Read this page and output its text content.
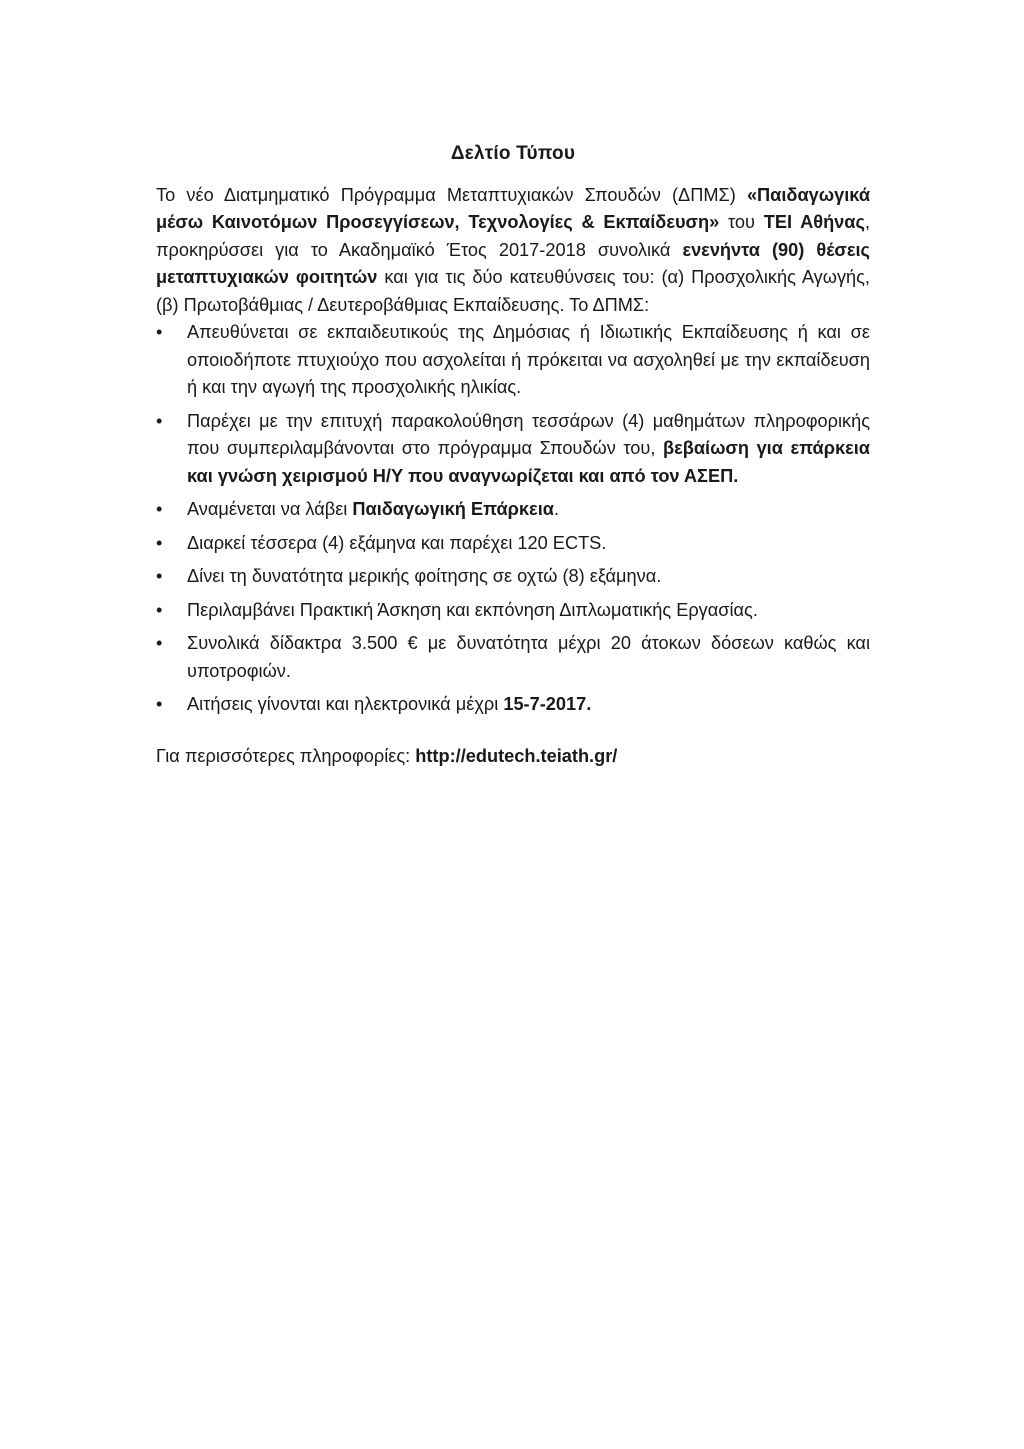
Δελτίο Τύπου

Το νέο Διατμηματικό Πρόγραμμα Μεταπτυχιακών Σπουδών (ΔΠΜΣ) «Παιδαγωγικά μέσω Καινοτόμων Προσεγγίσεων, Τεχνολογίες & Εκπαίδευση» του ΤΕΙ Αθήνας, προκηρύσσει για το Ακαδημαϊκό Έτος 2017-2018 συνολικά ενενήντα (90) θέσεις μεταπτυχιακών φοιτητών και για τις δύο κατευθύνσεις του: (α) Προσχολικής Αγωγής, (β) Πρωτοβάθμιας / Δευτεροβάθμιας Εκπαίδευσης. Το ΔΠΜΣ:

•	Απευθύνεται σε εκπαιδευτικούς της Δημόσιας ή Ιδιωτικής Εκπαίδευσης ή και σε οποιοδήποτε πτυχιούχο που ασχολείται ή πρόκειται να ασχοληθεί με την εκπαίδευση ή και την αγωγή της προσχολικής ηλικίας.
•	Παρέχει με την επιτυχή παρακολούθηση τεσσάρων (4) μαθημάτων πληροφορικής που συμπεριλαμβάνονται στο πρόγραμμα Σπουδών του, βεβαίωση για επάρκεια και γνώση χειρισμού Η/Υ που αναγνωρίζεται και από τον ΑΣΕΠ.
•	Αναμένεται να λάβει Παιδαγωγική Επάρκεια.
•	Διαρκεί τέσσερα (4) εξάμηνα και παρέχει 120 ECTS.
•	Δίνει τη δυνατότητα μερικής φοίτησης σε οχτώ (8) εξάμηνα.
•	Περιλαμβάνει Πρακτική Άσκηση και εκπόνηση Διπλωματικής Εργασίας.
•	Συνολικά δίδακτρα 3.500 € με δυνατότητα μέχρι 20 άτοκων δόσεων καθώς και υποτροφιών.
•	Αιτήσεις γίνονται και ηλεκτρονικά μέχρι 15-7-2017.

Για περισσότερες πληροφορίες: http://edutech.teiath.gr/
